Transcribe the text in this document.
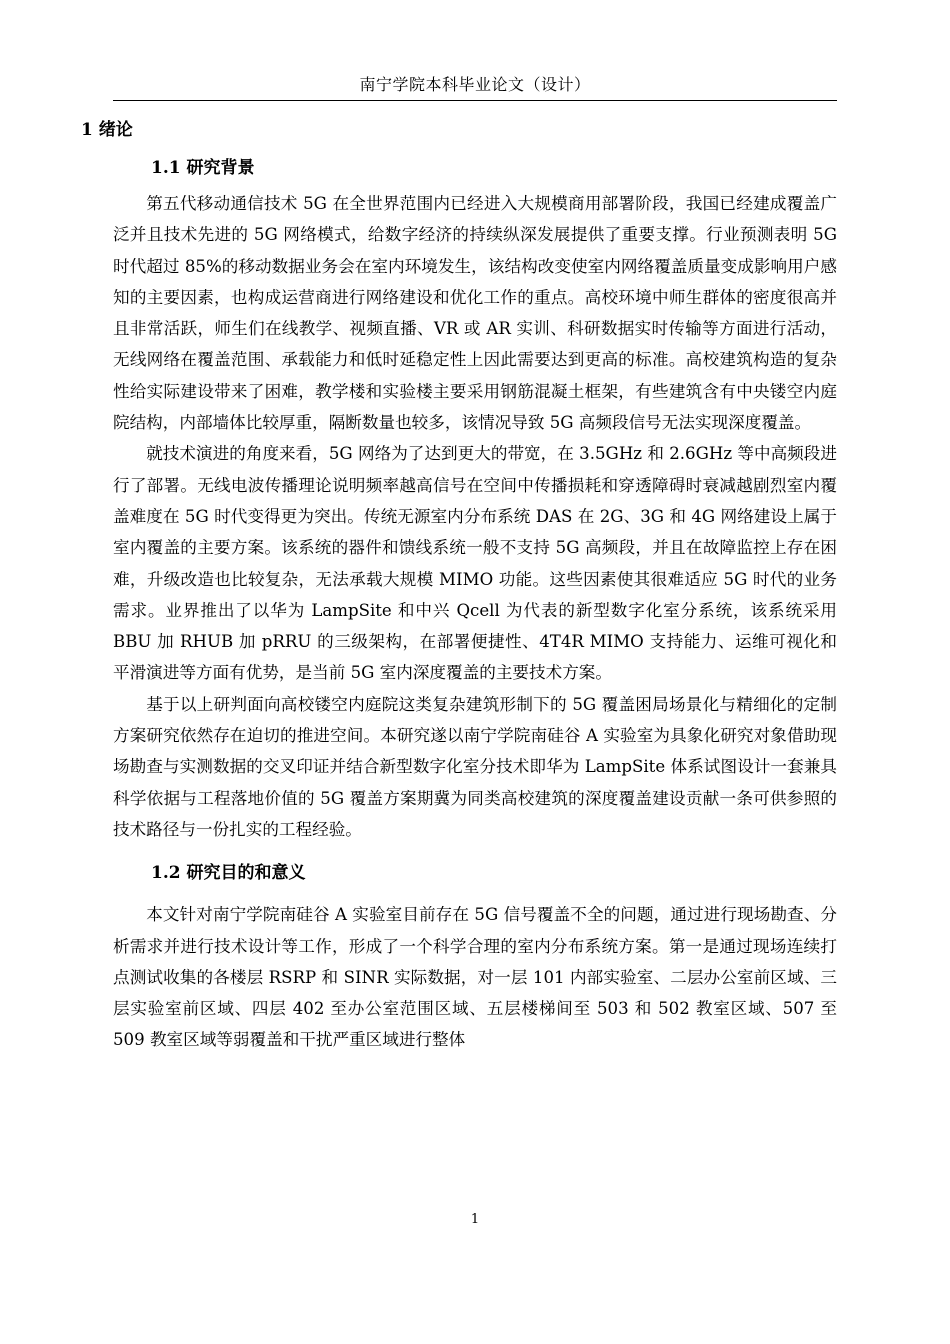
南宁学院本科毕业论文（设计）
1 绪论
1.1 研究背景

第五代移动通信技术 5G 在全世界范围内已经进入大规模商用部署阶段，我国已经建成覆盖广泛并且技术先进的 5G 网络模式，给数字经济的持续纵深发展提供了重要支撑。行业预测表明 5G 时代超过 85%的移动数据业务会在室内环境发生，该结构改变使室内网络覆盖质量变成影响用户感知的主要因素，也构成运营商进行网络建设和优化工作的重点。高校环境中师生群体的密度很高并且非常活跃，师生们在线教学、视频直播、VR 或 AR 实训、科研数据实时传输等方面进行活动，无线网络在覆盖范围、承载能力和低时延稳定性上因此需要达到更高的标准。高校建筑构造的复杂性给实际建设带来了困难，教学楼和实验楼主要采用钢筋混凝土框架，有些建筑含有中央镂空内庭院结构，内部墙体比较厚重，隔断数量也较多，该情况导致 5G 高频段信号无法实现深度覆盖。

就技术演进的角度来看，5G 网络为了达到更大的带宽，在 3.5GHz 和 2.6GHz 等中高频段进行了部署。无线电波传播理论说明频率越高信号在空间中传播损耗和穿透障碍时衰减越剧烈室内覆盖难度在 5G 时代变得更为突出。传统无源室内分布系统 DAS 在 2G、3G 和 4G 网络建设上属于室内覆盖的主要方案。该系统的器件和馈线系统一般不支持 5G 高频段，并且在故障监控上存在困难，升级改造也比较复杂，无法承载大规模 MIMO 功能。这些因素使其很难适应 5G 时代的业务需求。业界推出了以华为 LampSite 和中兴 Qcell 为代表的新型数字化室分系统，该系统采用 BBU 加 RHUB 加 pRRU 的三级架构，在部署便捷性、4T4R MIMO 支持能力、运维可视化和平滑演进等方面有优势，是当前 5G 室内深度覆盖的主要技术方案。

基于以上研判面向高校镂空内庭院这类复杂建筑形制下的 5G 覆盖困局场景化与精细化的定制方案研究依然存在迫切的推进空间。本研究遂以南宁学院南硅谷 A 实验室为具象化研究对象借助现场勘查与实测数据的交叉印证并结合新型数字化室分技术即华为 LampSite 体系试图设计一套兼具科学依据与工程落地价值的 5G 覆盖方案期冀为同类高校建筑的深度覆盖建设贡献一条可供参照的技术路径与一份扎实的工程经验。

1.2 研究目的和意义

本文针对南宁学院南硅谷 A 实验室目前存在 5G 信号覆盖不全的问题，通过进行现场勘查、分析需求并进行技术设计等工作，形成了一个科学合理的室内分布系统方案。第一是通过现场连续打点测试收集的各楼层 RSRP 和 SINR 实际数据，对一层 101 内部实验室、二层办公室前区域、三层实验室前区域、四层 402 至办公室范围区域、五层楼梯间至 503 和 502 教室区域、507 至 509 教室区域等弱覆盖和干扰严重区域进行整体

1
